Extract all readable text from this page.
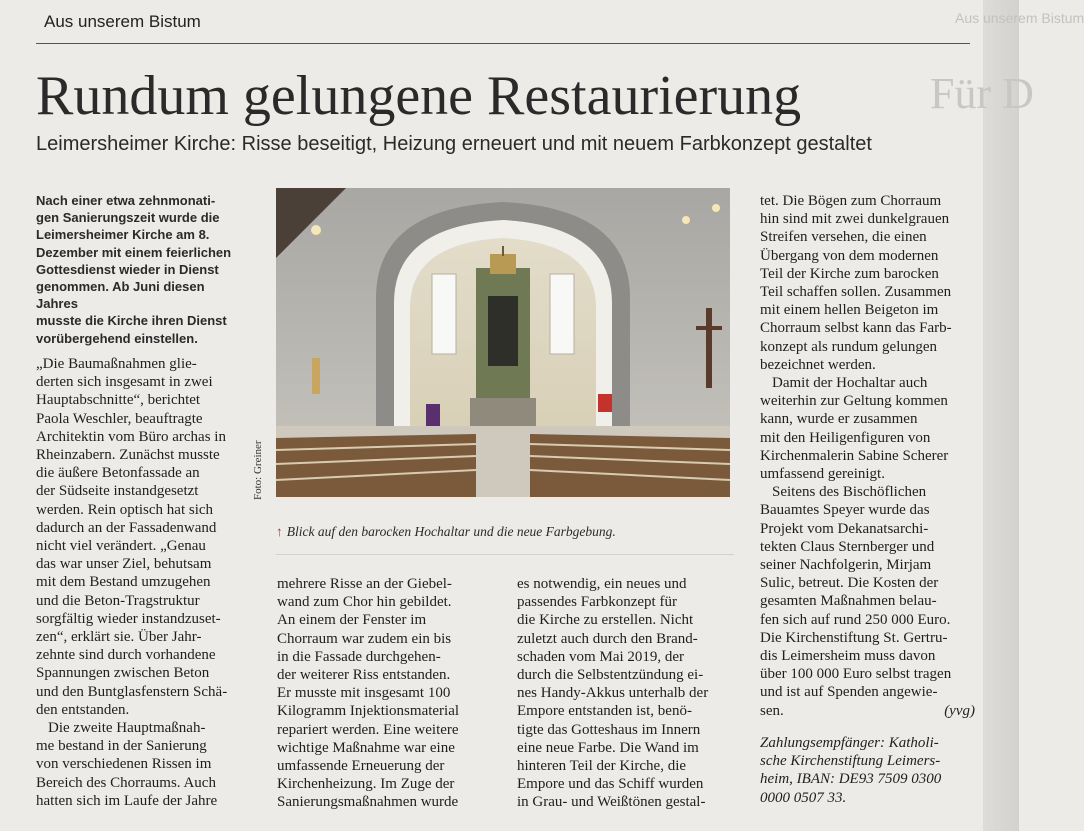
Aus unserem Bistum
Für D
Aus unserem Bistum
Rundum gelungene Restaurierung
Leimersheimer Kirche: Risse beseitigt, Heizung erneuert und mit neuem Farbkonzept gestaltet

Nach einer etwa zehnmonati-

gen Sanierungszeit wurde die

Leimersheimer Kirche am 8.

Dezember mit einem feierlichen

Gottesdienst wieder in Dienst

genommen. Ab Juni diesen Jahres

musste die Kirche ihren Dienst

vorübergehend einstellen.

„Die Baumaßnahmen glie-

derten sich insgesamt in zwei

Hauptabschnitte“, berichtet

Paola Weschler, beauftragte

Architektin vom Büro archas in

Rheinzabern. Zunächst musste

die äußere Betonfassade an

der Südseite instandgesetzt

werden. Rein optisch hat sich

dadurch an der Fassadenwand

nicht viel verändert. „Genau

das war unser Ziel, behutsam

mit dem Bestand umzugehen

und die Beton-Tragstruktur

sorgfältig wieder instandzuset-

zen“, erklärt sie. Über Jahr-

zehnte sind durch vorhandene

Spannungen zwischen Beton

und den Buntglasfenstern Schä-

den entstanden.

Die zweite Hauptmaßnah-

me bestand in der Sanierung

von verschiedenen Rissen im

Bereich des Chorraums. Auch

hatten sich im Laufe der Jahre

Foto: Greiner
↑ Blick auf den barocken Hochaltar und die neue Farbgebung.

mehrere Risse an der Giebel-

wand zum Chor hin gebildet.

An einem der Fenster im

Chorraum war zudem ein bis

in die Fassade durchgehen-

der weiterer Riss entstanden.

Er musste mit insgesamt 100

Kilogramm Injektionsmaterial

repariert werden. Eine weitere

wichtige Maßnahme war eine

umfassende Erneuerung der

Kirchenheizung. Im Zuge der

Sanierungsmaßnahmen wurde

es notwendig, ein neues und

passendes Farbkonzept für

die Kirche zu erstellen. Nicht

zuletzt auch durch den Brand-

schaden vom Mai 2019, der

durch die Selbstentzündung ei-

nes Handy-Akkus unterhalb der

Empore entstanden ist, benö-

tigte das Gotteshaus im Innern

eine neue Farbe. Die Wand im

hinteren Teil der Kirche, die

Empore und das Schiff wurden

in Grau- und Weißtönen gestal-

tet. Die Bögen zum Chorraum

hin sind mit zwei dunkelgrauen

Streifen versehen, die einen

Übergang von dem modernen

Teil der Kirche zum barocken

Teil schaffen sollen. Zusammen

mit einem hellen Beigeton im

Chorraum selbst kann das Farb-

konzept als rundum gelungen

bezeichnet werden.

Damit der Hochaltar auch

weiterhin zur Geltung kommen

kann, wurde er zusammen

mit den Heiligenfiguren von

Kirchenmalerin Sabine Scherer

umfassend gereinigt.

Seitens des Bischöflichen

Bauamtes Speyer wurde das

Projekt vom Dekanatsarchi-

tekten Claus Sternberger und

seiner Nachfolgerin, Mirjam

Sulic, betreut. Die Kosten der

gesamten Maßnahmen belau-

fen sich auf rund 250 000 Euro.

Die Kirchenstiftung St. Gertru-

dis Leimersheim muss davon

über 100 000 Euro selbst tragen

und ist auf Spenden angewie-

sen.	(yvg)

Zahlungsempfänger: Katholi-

sche Kirchenstiftung Leimers-

heim, IBAN: DE93 7509 0300

0000 0507 33.
